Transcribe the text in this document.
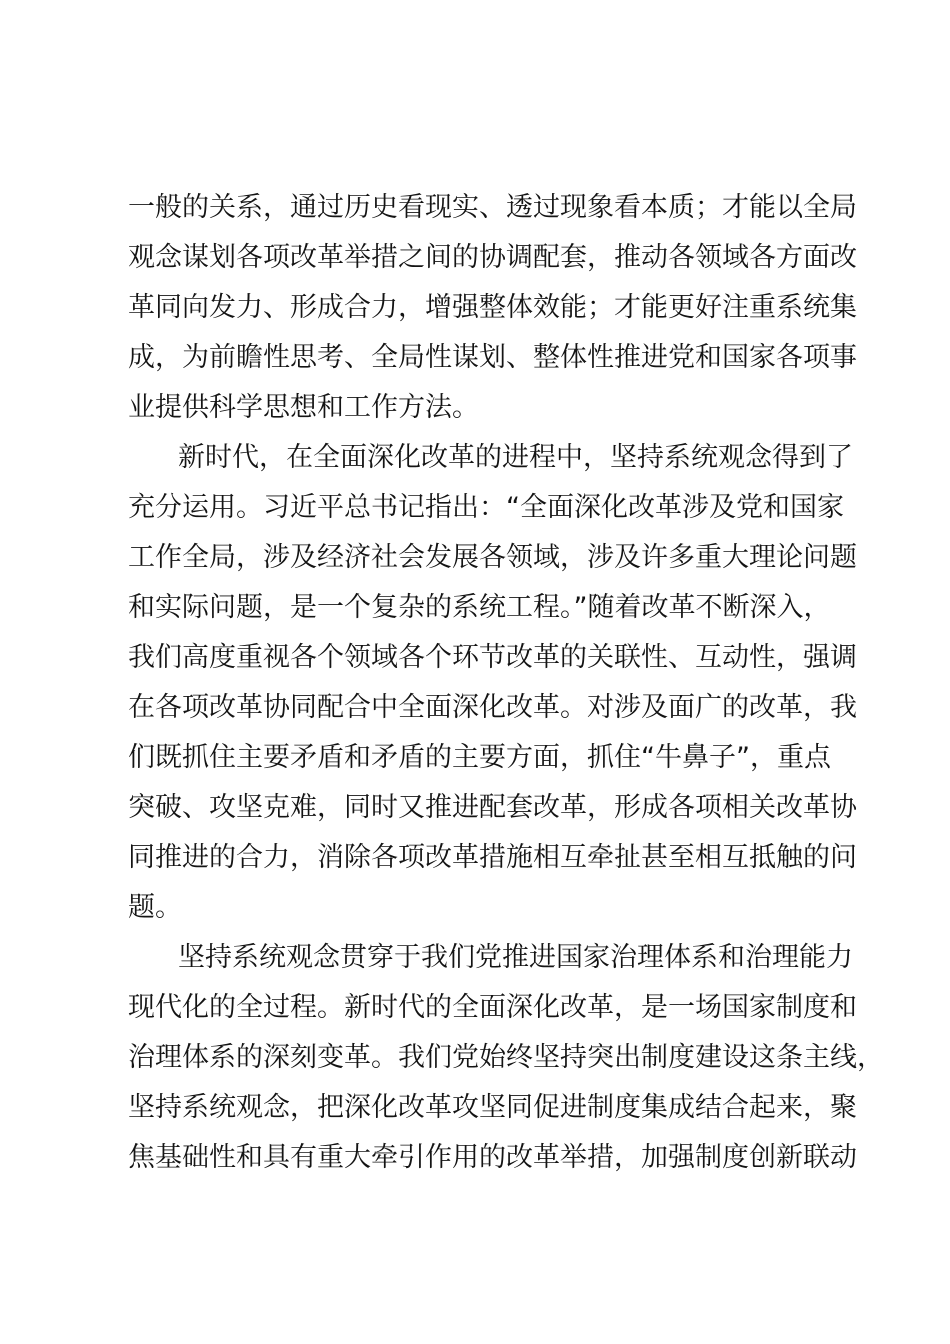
一般的关系，通过历史看现实、透过现象看本质；才能以全局
观念谋划各项改革举措之间的协调配套，推动各领域各方面改
革同向发力、形成合力，增强整体效能；才能更好注重系统集
成，为前瞻性思考、全局性谋划、整体性推进党和国家各项事
业提供科学思想和工作方法。
新时代，在全面深化改革的进程中，坚持系统观念得到了
充分运用。习近平总书记指出：“全面深化改革涉及党和国家
工作全局，涉及经济社会发展各领域，涉及许多重大理论问题
和实际问题，是一个复杂的系统工程。”随着改革不断深入，
我们高度重视各个领域各个环节改革的关联性、互动性，强调
在各项改革协同配合中全面深化改革。对涉及面广的改革，我
们既抓住主要矛盾和矛盾的主要方面，抓住“牛鼻子”，重点
突破、攻坚克难，同时又推进配套改革，形成各项相关改革协
同推进的合力，消除各项改革措施相互牵扯甚至相互抵触的问
题。
坚持系统观念贯穿于我们党推进国家治理体系和治理能力
现代化的全过程。新时代的全面深化改革，是一场国家制度和
治理体系的深刻变革。我们党始终坚持突出制度建设这条主线，
坚持系统观念，把深化改革攻坚同促进制度集成结合起来，聚
焦基础性和具有重大牵引作用的改革举措，加强制度创新联动
